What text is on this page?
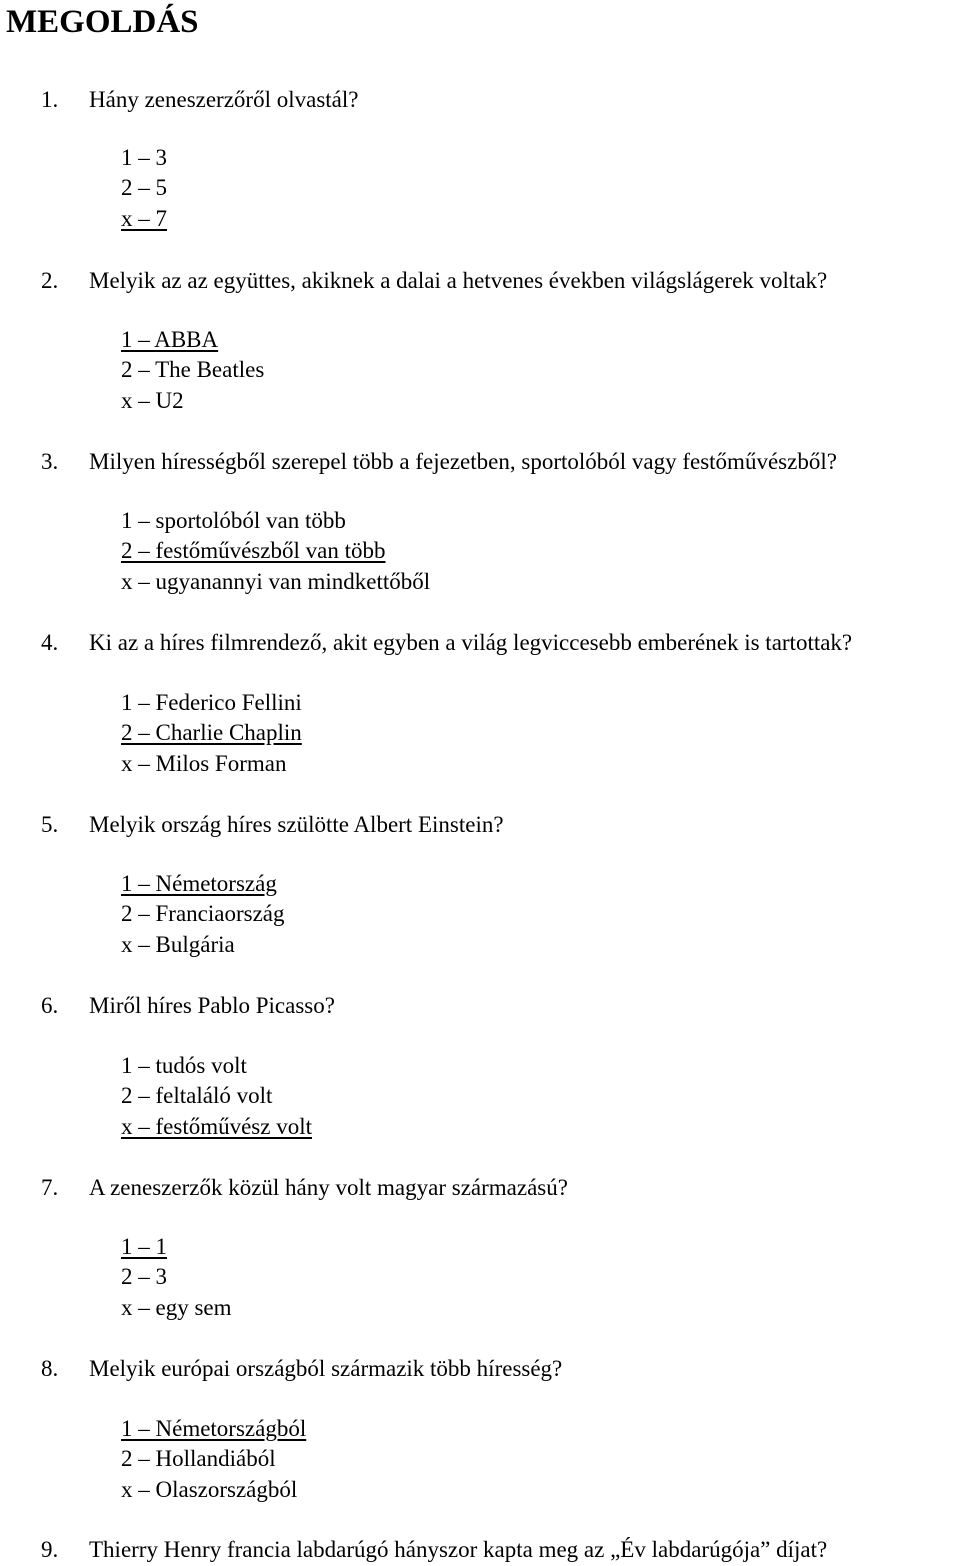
MEGOLDÁS
1. Hány zeneszerzőről olvastál?
1 – 3
2 – 5
x – 7
2. Melyik az az együttes, akiknek a dalai a hetvenes években világslágerek voltak?
1 – ABBA
2 – The Beatles
x – U2
3. Milyen hírességből szerepel több a fejezetben, sportolóból vagy festőművészből?
1 – sportolóból van több
2 – festőművészből van több
x – ugyanannyi van mindkettőből
4. Ki az a híres filmrendező, akit egyben a világ legviccesebb emberének is tartottak?
1 – Federico Fellini
2 – Charlie Chaplin
x – Milos Forman
5. Melyik ország híres szülötte Albert Einstein?
1 – Németország
2 – Franciaország
x – Bulgária
6. Miről híres Pablo Picasso?
1 – tudós volt
2 – feltaláló volt
x – festőművész volt
7. A zeneszerzők közül hány volt magyar származású?
1 – 1
2 – 3
x – egy sem
8. Melyik európai országból származik több híresség?
1 – Németországból
2 – Hollandiából
x – Olaszországból
9. Thierry Henry francia labdarúgó hányszor kapta meg az „Év labdarúgója” díjat?
